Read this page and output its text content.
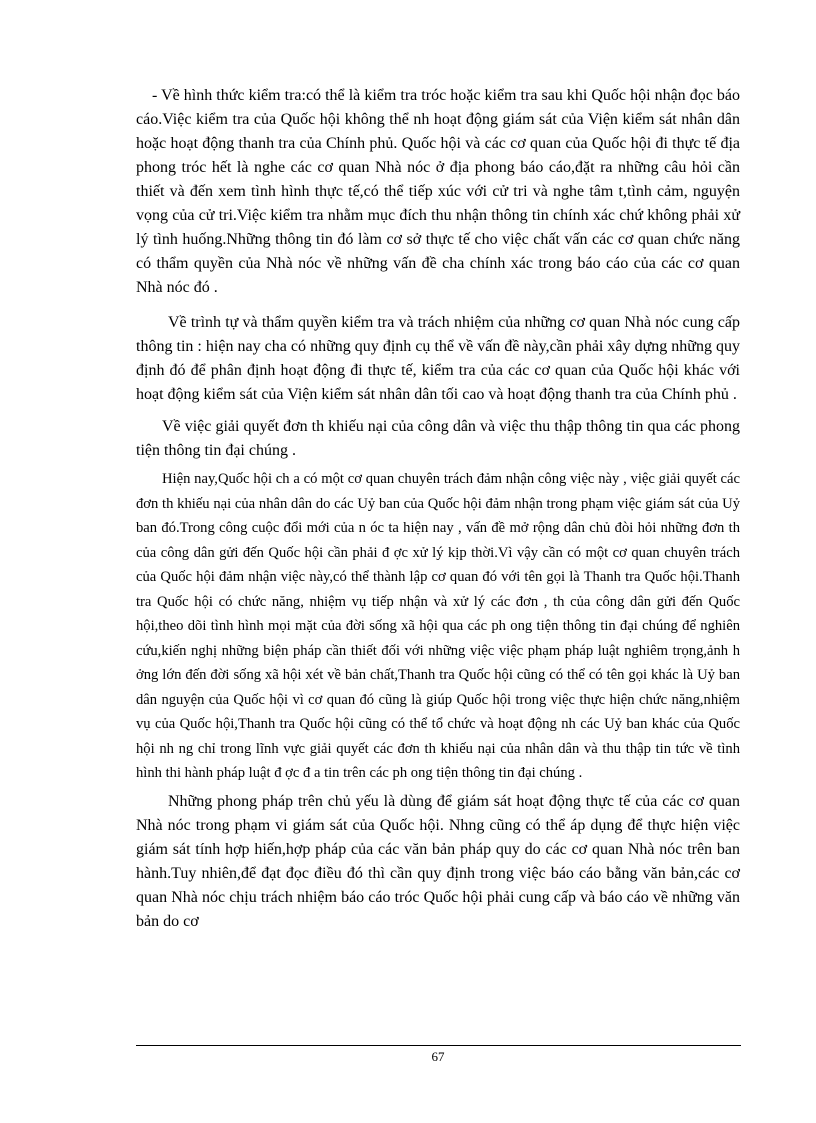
- Về hình thức kiểm tra:có thể là kiểm tra tróc hoặc kiểm tra sau khi Quốc hội nhận đọc báo cáo.Việc kiểm tra của Quốc hội không thể nh hoạt động giám sát của Viện kiểm sát nhân dân hoặc hoạt động thanh tra của Chính phủ. Quốc hội và các cơ quan của Quốc hội đi thực tế địa phong tróc hết là nghe các cơ quan Nhà nóc ở địa phong báo cáo,đặt ra những câu hỏi cần thiết và đến xem tình hình thực tế,có thể tiếp xúc với cử tri và nghe tâm t,tình cảm, nguyện vọng của cử tri.Việc kiểm tra nhằm mục đích thu nhận thông tin chính xác chứ không phải xử lý tình huống.Những thông tin đó làm cơ sở thực tế cho việc chất vấn các cơ quan chức năng có thẩm quyền của Nhà nóc về những vấn đề cha chính xác trong báo cáo của các cơ quan Nhà nóc đó .

Về trình tự và thẩm quyền kiểm tra và trách nhiệm của những cơ quan Nhà nóc cung cấp thông tin : hiện nay cha có những quy định cụ thể về vấn đề này,cần phải xây dựng những quy định đó để phân định hoạt động đi thực tế, kiểm tra của các cơ quan của Quốc hội khác với hoạt động kiểm sát của Viện kiểm sát nhân dân tối cao và hoạt động thanh tra của Chính phủ .

Về việc giải quyết đơn th khiếu nại của công dân và việc thu thập thông tin qua các phong tiện thông tin đại chúng .

Hiện nay,Quốc hội ch a có một cơ quan chuyên trách đảm nhận công việc này , việc giải quyết các đơn th khiếu nại của nhân dân do các Uỷ ban của Quốc hội đảm nhận trong phạm việc giám sát của Uỷ ban đó.Trong công cuộc đổi mới của n óc ta hiện nay , vấn đề mở rộng dân chủ đòi hỏi những đơn th của công dân gửi đến Quốc hội cần phải đ ợc xử lý kịp thời.Vì vậy cần có một cơ quan chuyên trách của Quốc hội đảm nhận việc này,có thể thành lập cơ quan đó với tên gọi là Thanh tra Quốc hội.Thanh tra Quốc hội có chức năng, nhiệm vụ tiếp nhận và xử lý các đơn , th của công dân gửi đến Quốc hội,theo dõi tình hình mọi mặt của đời sống xã hội qua các ph ong tiện thông tin đại chúng để nghiên cứu,kiến nghị những biện pháp cần thiết đối với những việc việc phạm pháp luật nghiêm trọng,ảnh h ởng lớn đến đời sống xã hội xét về bản chất,Thanh tra Quốc hội cũng có thể có tên gọi khác là Uỷ ban dân nguyện của Quốc hội vì cơ quan đó cũng là giúp Quốc hội trong việc thực hiện chức năng,nhiệm vụ của Quốc hội,Thanh tra Quốc hội cũng có thể tổ chức và hoạt động nh các Uỷ ban khác của Quốc hội nh ng chỉ trong lĩnh vực giải quyết các đơn th khiếu nại của nhân dân và thu thập tin tức về tình hình thi hành pháp luật đ ợc đ a tin trên các ph ong tiện thông tin đại chúng .

Những phong pháp trên chủ yếu là dùng để giám sát hoạt động thực tế của các cơ quan Nhà nóc trong phạm vi giám sát của Quốc hội. Nhng cũng có thể áp dụng để thực hiện việc giám sát tính hợp hiến,hợp pháp của các văn bản pháp quy do các cơ quan Nhà nóc trên ban hành.Tuy nhiên,để đạt đọc điều đó thì cần quy định trong việc báo cáo bằng văn bản,các cơ quan Nhà nóc chịu trách nhiệm báo cáo tróc Quốc hội phải cung cấp và báo cáo về những văn bản do cơ

67
